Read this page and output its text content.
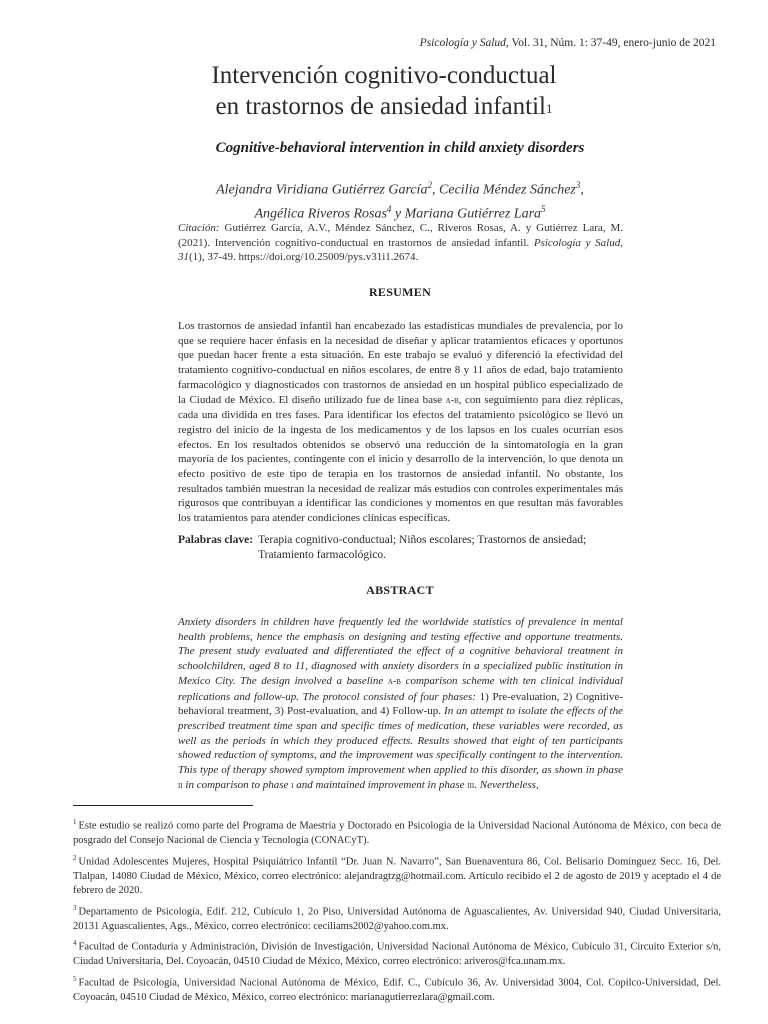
Psicología y Salud, Vol. 31, Núm. 1: 37-49, enero-junio de 2021
Intervención cognitivo-conductual
en trastornos de ansiedad infantil$^1$
Cognitive-behavioral intervention in child anxiety disorders
Alejandra Viridiana Gutiérrez García$^2$, Cecilia Méndez Sánchez$^3$,
Angélica Riveros Rosas$^4$ y Mariana Gutiérrez Lara$^5$
Citación: Gutiérrez García, A.V., Méndez Sánchez, C., Riveros Rosas, A. y Gutiérrez Lara, M. (2021). Intervención cognitivo-conductual en trastornos de ansiedad infantil. Psicología y Salud, 31(1), 37-49. https://doi.org/10.25009/pys.v31i1.2674.
RESUMEN
Los trastornos de ansiedad infantil han encabezado las estadísticas mundiales de prevalencia, por lo que se requiere hacer énfasis en la necesidad de diseñar y aplicar tratamientos eficaces y oportunos que puedan hacer frente a esta situación. En este trabajo se evaluó y diferenció la efectividad del tratamiento cognitivo-conductual en niños escolares, de entre 8 y 11 años de edad, bajo tratamiento farmacológico y diagnosticados con trastornos de ansiedad en un hospital público especializado de la Ciudad de México. El diseño utilizado fue de línea base a-b, con seguimiento para diez réplicas, cada una dividida en tres fases. Para identificar los efectos del tratamiento psicológico se llevó un registro del inicio de la ingesta de los medicamentos y de los lapsos en los cuales ocurrían esos efectos. En los resultados obtenidos se observó una reducción de la sintomatología en la gran mayoría de los pacientes, contingente con el inicio y desarrollo de la intervención, lo que denota un efecto positivo de este tipo de terapia en los trastornos de ansiedad infantil. No obstante, los resultados también muestran la necesidad de realizar más estudios con controles experimentales más rigurosos que contribuyan a identificar las condiciones y momentos en que resultan más favorables los tratamientos para atender condiciones clínicas específicas.
Palabras clave: Terapia cognitivo-conductual; Niños escolares; Trastornos de ansiedad; Tratamiento farmacológico.
ABSTRACT
Anxiety disorders in children have frequently led the worldwide statistics of prevalence in mental health problems, hence the emphasis on designing and testing effective and opportune treatments. The present study evaluated and differentiated the effect of a cognitive behavioral treatment in schoolchildren, aged 8 to 11, diagnosed with anxiety disorders in a specialized public institution in Mexico City. The design involved a baseline a-b comparison scheme with ten clinical individual replications and follow-up. The protocol consisted of four phases: 1) Pre-evaluation, 2) Cognitive-behavioral treatment, 3) Post-evaluation, and 4) Follow-up. In an attempt to isolate the effects of the prescribed treatment time span and specific times of medication, these variables were recorded, as well as the periods in which they produced effects. Results showed that eight of ten participants showed reduction of symptoms, and the improvement was specifically contingent to the intervention. This type of therapy showed symptom improvement when applied to this disorder, as shown in phase ii in comparison to phase i and maintained improvement in phase iii. Nevertheless,

$^1$ Este estudio se realizó como parte del Programa de Maestría y Doctorado en Psicología de la Universidad Nacional Autónoma de México, con beca de posgrado del Consejo Nacional de Ciencia y Tecnología (CONACyT).

$^2$ Unidad Adolescentes Mujeres, Hospital Psiquiátrico Infantil “Dr. Juan N. Navarro”, San Buenaventura 86, Col. Belisario Domínguez Secc. 16, Del. Tlalpan, 14080 Ciudad de México, México, correo electrónico: alejandragtzg@hotmail.com. Artículo recibido el 2 de agosto de 2019 y aceptado el 4 de febrero de 2020.

$^3$ Departamento de Psicología, Edif. 212, Cubículo 1, 2o Piso, Universidad Autónoma de Aguascalientes, Av. Universidad 940, Ciudad Universitaria, 20131 Aguascalientes, Ags., México, correo electrónico: ceciliams2002@yahoo.com.mx.

$^4$ Facultad de Contaduría y Administración, División de Investigación, Universidad Nacional Autónoma de México, Cubículo 31, Circuito Exterior s/n, Ciudad Universitaria, Del. Coyoacán, 04510 Ciudad de México, México, correo electrónico: ariveros@fca.unam.mx.

$^5$ Facultad de Psicología, Universidad Nacional Autónoma de México, Edif. C., Cubículo 36, Av. Universidad 3004, Col. Copilco-Universidad, Del. Coyoacán, 04510 Ciudad de México, México, correo electrónico: marianagutierrezlara@gmail.com.
